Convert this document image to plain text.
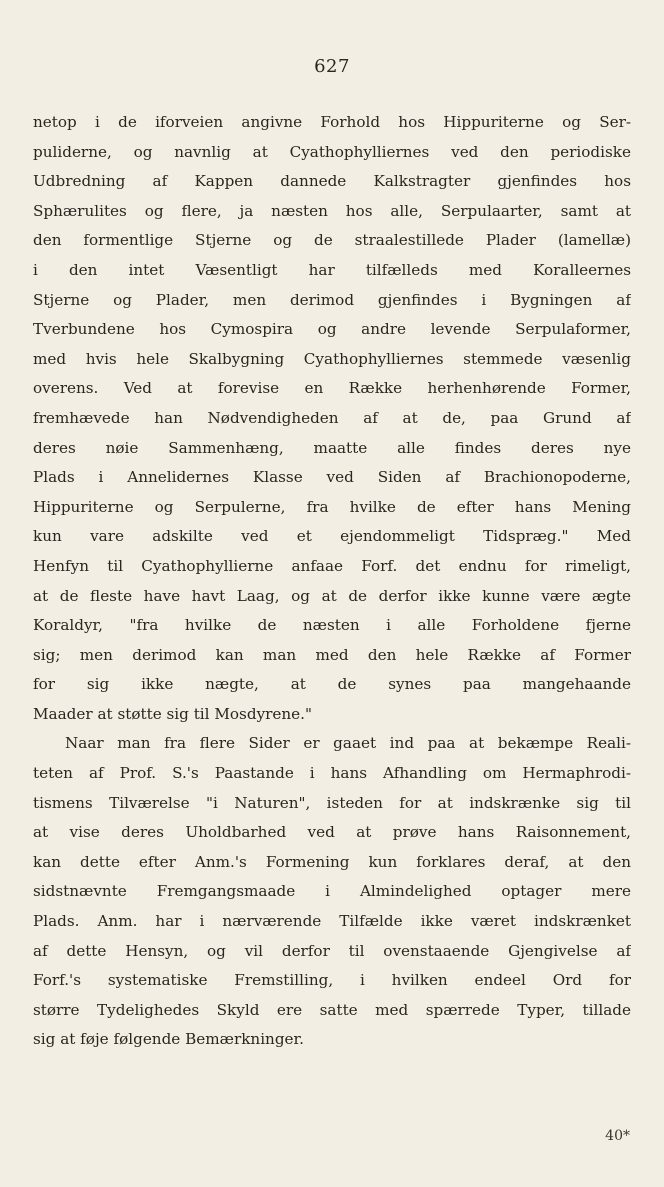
627
netop i de iforveien angivne Forhold hos Hippuriterne og Ser-
puliderne, og navnlig at Cyathophylliernes ved den periodiske
Udbredning af Kappen dannede Kalkstragter gjenfindes hos
Sphærulites og flere, ja næsten hos alle, Serpulaarter, samt at
den formentlige Stjerne og de straalestillede Plader (lamellæ)
i den intet Væsentligt har tilfælleds med Koralleernes
Stjerne og Plader, men derimod gjenfindes i Bygningen af
Tverbundene hos Cymospira og andre levende Serpulaformer,
med hvis hele Skalbygning Cyathophylliernes stemmede væsenlig
overens. Ved at forevise en Række herhenhørende Former,
fremhævede han Nødvendigheden af at de, paa Grund af
deres nøie Sammenhæng, maatte alle findes deres nye
Plads i Annelidernes Klasse ved Siden af Brachionopoderne,
Hippuriterne og Serpulerne, fra hvilke de efter hans Mening
kun vare adskilte ved et ejendommeligt Tidspræg." Med
Henfyn til Cyathophyllierne anfaae Forf. det endnu for rimeligt,
at de fleste have havt Laag, og at de derfor ikke kunne være ægte
Koraldyr, "fra hvilke de næsten i alle Forholdene fjerne
sig; men derimod kan man med den hele Række af Former
for sig ikke nægte, at de synes paa mangehaande
Maader at støtte sig til Mosdyrene."
Naar man fra flere Sider er gaaet ind paa at bekæmpe Reali-
teten af Prof. S.'s Paastande i hans Afhandling om Hermaphrodi-
tismens Tilværelse "i Naturen", isteden for at indskrænke sig til
at vise deres Uholdbarhed ved at prøve hans Raisonnement,
kan dette efter Anm.'s Formening kun forklares deraf, at den
sidstnævnte Fremgangsmaade i Almindelighed optager mere
Plads. Anm. har i nærværende Tilfælde ikke været indskrænket
af dette Hensyn, og vil derfor til ovenstaaende Gjengivelse af
Forf.'s systematiske Fremstilling, i hvilken endeel Ord for
større Tydelighedes Skyld ere satte med spærrede Typer, tillade
sig at føje følgende Bemærkninger.
40*
